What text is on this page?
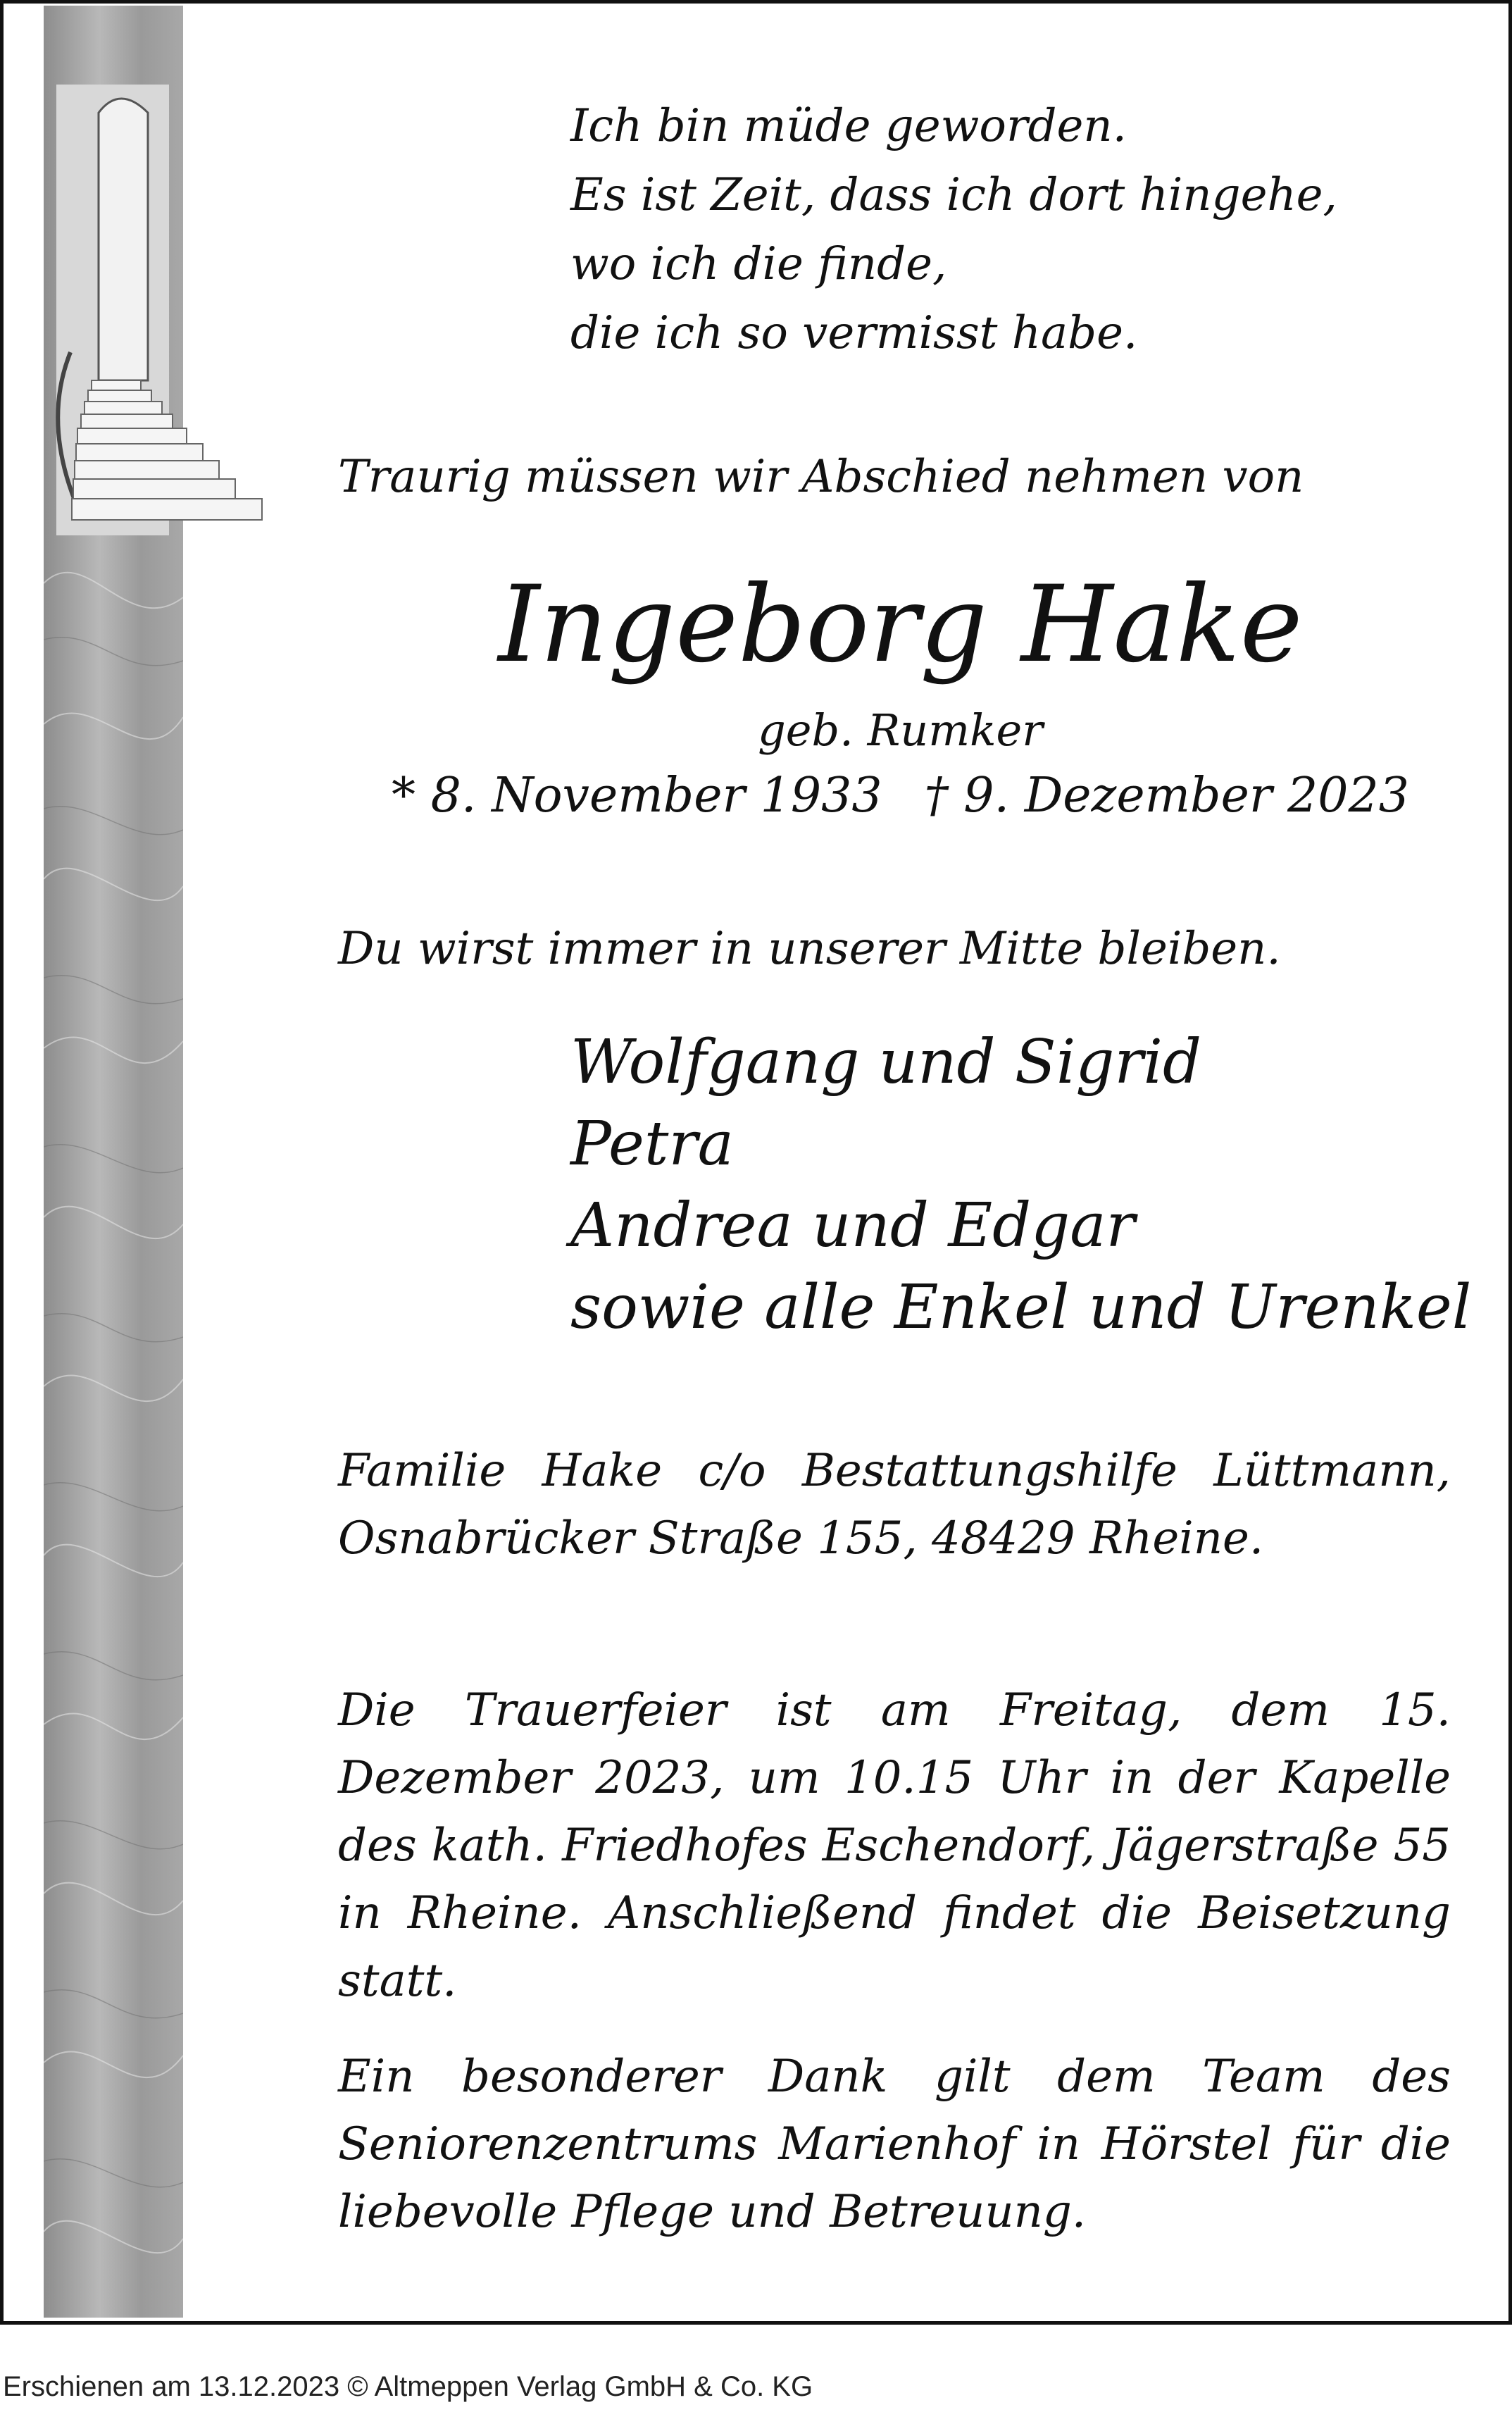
Ich bin müde geworden.
Es ist Zeit, dass ich dort hingehe,
wo ich die finde,
die ich so vermisst habe.
Traurig müssen wir Abschied nehmen von
Ingeborg Hake
geb. Rumker
* 8. November 1933 † 9. Dezember 2023
Du wirst immer in unserer Mitte bleiben.
Wolfgang und Sigrid
Petra
Andrea und Edgar
sowie alle Enkel und Urenkel
Familie Hake c/o Bestattungshilfe Lüttmann, Osnabrücker Straße 155, 48429 Rheine.
Die Trauerfeier ist am Freitag, dem 15. Dezember 2023, um 10.15 Uhr in der Kapelle des kath. Friedhofes Eschendorf, Jägerstraße 55 in Rheine. Anschließend findet die Beisetzung statt.
Ein besonderer Dank gilt dem Team des Seniorenzentrums Marienhof in Hörstel für die liebevolle Pflege und Betreuung.
Erschienen am 13.12.2023 © Altmeppen Verlag GmbH & Co. KG
